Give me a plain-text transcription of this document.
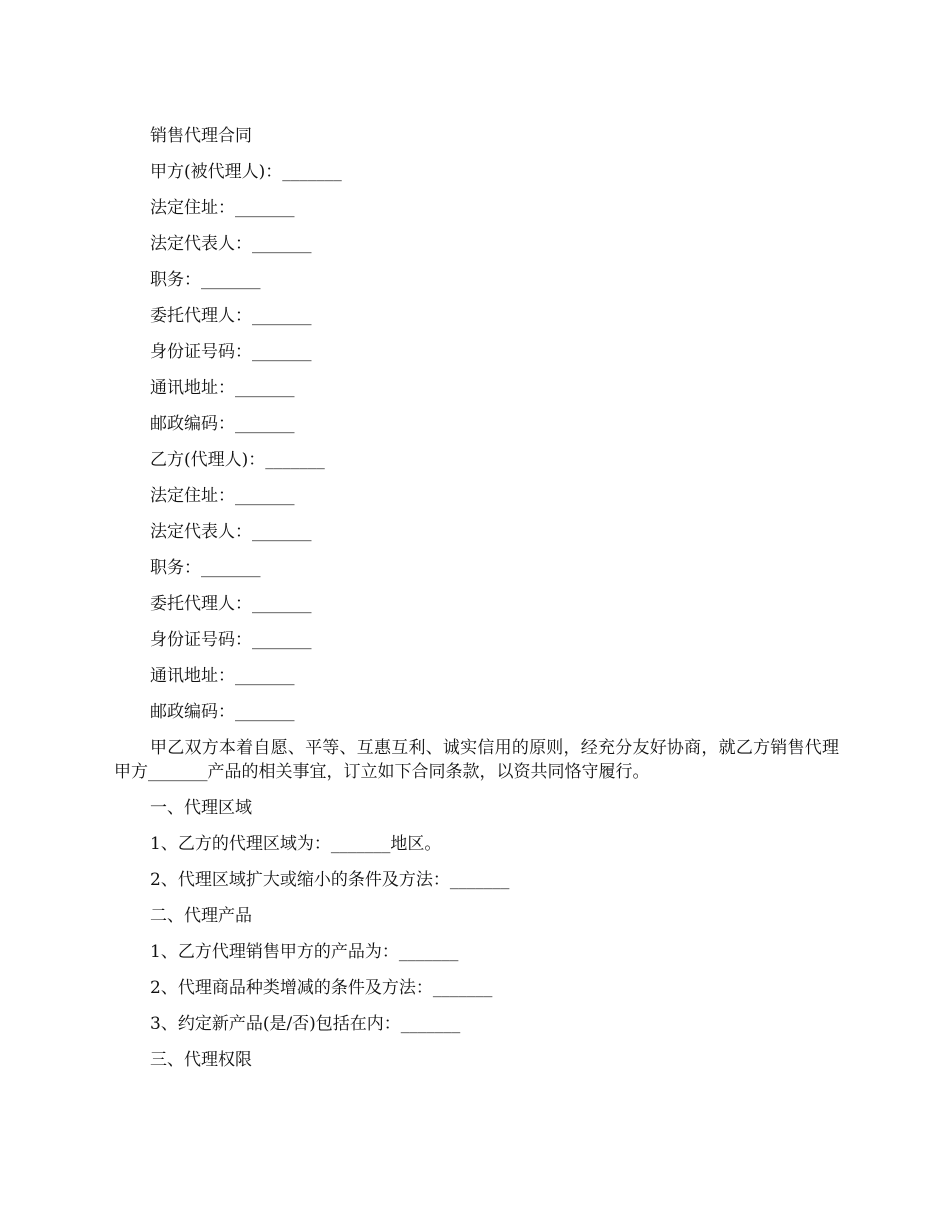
销售代理合同

甲方(被代理人)：_______

法定住址：_______

法定代表人：_______

职务：_______

委托代理人：_______

身份证号码：_______

通讯地址：_______

邮政编码：_______

乙方(代理人)：_______

法定住址：_______

法定代表人：_______

职务：_______

委托代理人：_______

身份证号码：_______

通讯地址：_______

邮政编码：_______

甲乙双方本着自愿、平等、互惠互利、诚实信用的原则，经充分友好协商，就乙方销售代理甲方_______产品的相关事宜，订立如下合同条款，以资共同恪守履行。

一、代理区域

1、乙方的代理区域为：_______地区。

2、代理区域扩大或缩小的条件及方法：_______

二、代理产品

1、乙方代理销售甲方的产品为：_______

2、代理商品种类增减的条件及方法：_______

3、约定新产品(是/否)包括在内：_______

三、代理权限
